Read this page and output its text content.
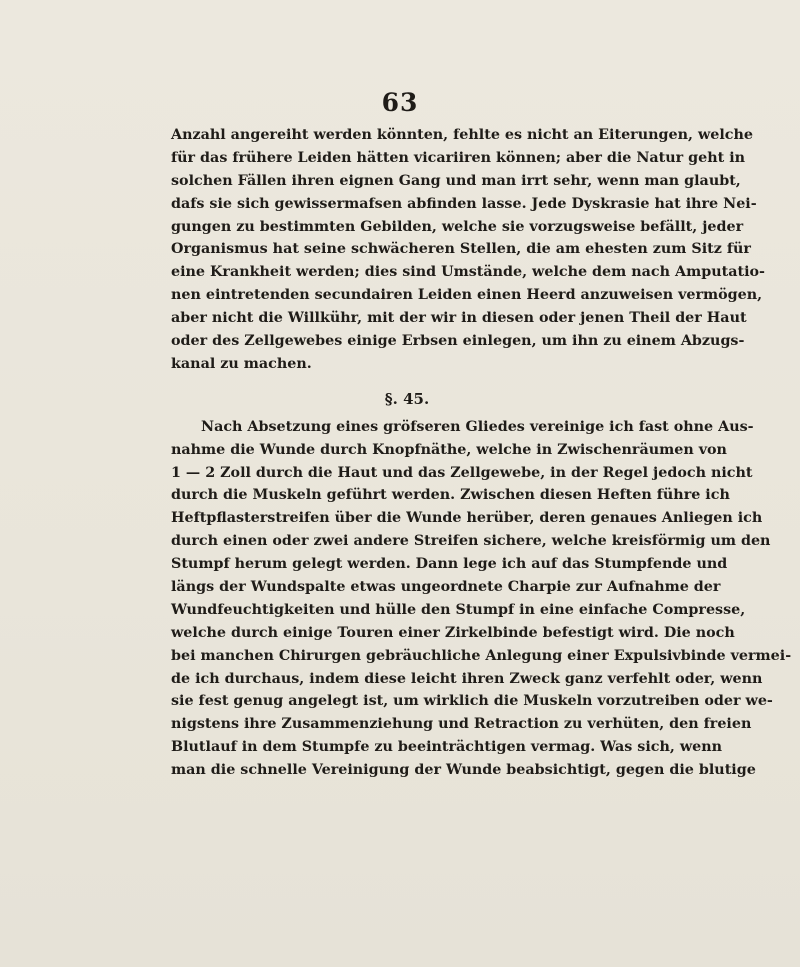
63
Anzahl angereiht werden könnten, fehlte es nicht an Eiterungen, welche
für das frühere Leiden hätten vicariiren können; aber die Natur geht in
solchen Fällen ihren eignen Gang und man irrt sehr, wenn man glaubt,
dafs sie sich gewissermafsen abfinden lasse. Jede Dyskrasie hat ihre Nei-
gungen zu bestimmten Gebilden, welche sie vorzugsweise befällt, jeder
Organismus hat seine schwächeren Stellen, die am ehesten zum Sitz für
eine Krankheit werden; dies sind Umstände, welche dem nach Amputatio-
nen eintretenden secundairen Leiden einen Heerd anzuweisen vermögen,
aber nicht die Willkühr, mit der wir in diesen oder jenen Theil der Haut
oder des Zellgewebes einige Erbsen einlegen, um ihn zu einem Abzugs-
kanal zu machen.
§. 45.
Nach Absetzung eines gröfseren Gliedes vereinige ich fast ohne Aus-
nahme die Wunde durch Knopfnäthe, welche in Zwischenräumen von
1 — 2 Zoll durch die Haut und das Zellgewebe, in der Regel jedoch nicht
durch die Muskeln geführt werden. Zwischen diesen Heften führe ich
Heftpflasterstreifen über die Wunde herüber, deren genaues Anliegen ich
durch einen oder zwei andere Streifen sichere, welche kreisförmig um den
Stumpf herum gelegt werden. Dann lege ich auf das Stumpfende und
längs der Wundspalte etwas ungeordnete Charpie zur Aufnahme der
Wundfeuchtigkeiten und hülle den Stumpf in eine einfache Compresse,
welche durch einige Touren einer Zirkelbinde befestigt wird. Die noch
bei manchen Chirurgen gebräuchliche Anlegung einer Expulsivbinde vermei-
de ich durchaus, indem diese leicht ihren Zweck ganz verfehlt oder, wenn
sie fest genug angelegt ist, um wirklich die Muskeln vorzutreiben oder we-
nigstens ihre Zusammenziehung und Retraction zu verhüten, den freien
Blutlauf in dem Stumpfe zu beeinträchtigen vermag. Was sich, wenn
man die schnelle Vereinigung der Wunde beabsichtigt, gegen die blutige
